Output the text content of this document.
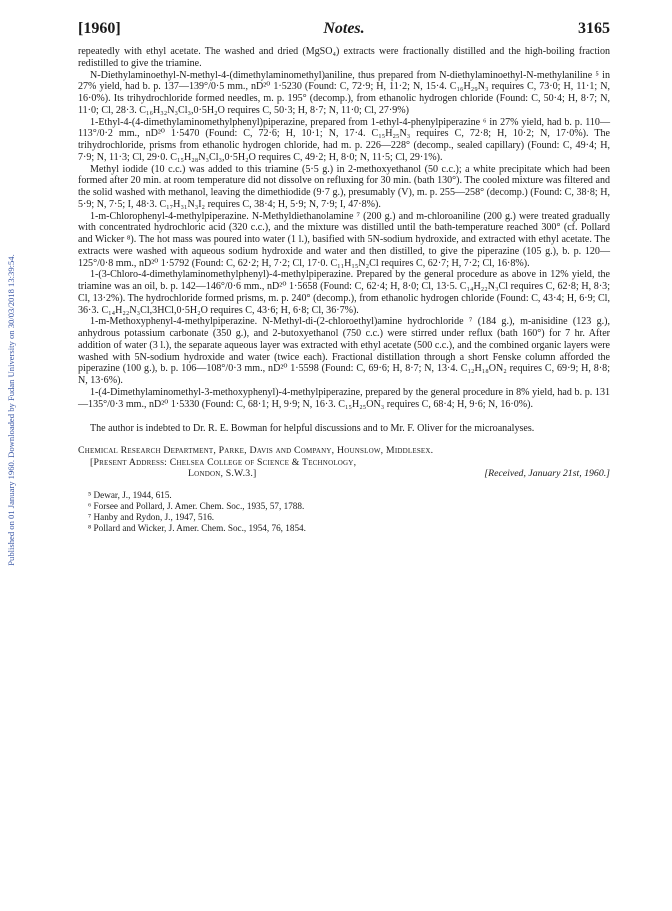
Published on 01 January 1960. Downloaded by Fudan University on 30/03/2018 13:39:54.
[1960]	Notes.	3165

repeatedly with ethyl acetate. The washed and dried (MgSO₄) extracts were fractionally distilled and the high-boiling fraction redistilled to give the triamine.

N-Diethylaminoethyl-N-methyl-4-(dimethylaminomethyl)aniline, thus prepared from N-diethylaminoethyl-N-methylaniline ⁵ in 27% yield, had b. p. 137—139°/0·5 mm., nD²⁰ 1·5230 (Found: C, 72·9; H, 11·2; N, 15·4. C₁₆H₂₉N₃ requires C, 73·0; H, 11·1; N, 16·0%). Its trihydrochloride formed needles, m. p. 195° (decomp.), from ethanolic hydrogen chloride (Found: C, 50·4; H, 8·7; N, 11·0; Cl, 28·3. C₁₆H₃₂N₃Cl₃,0·5H₂O requires C, 50·3; H, 8·7; N, 11·0; Cl, 27·9%)

1-Ethyl-4-(4-dimethylaminomethylphenyl)piperazine, prepared from 1-ethyl-4-phenylpiperazine ⁶ in 27% yield, had b. p. 110—113°/0·2 mm., nD²⁰ 1·5470 (Found: C, 72·6; H, 10·1; N, 17·4. C₁₅H₂₅N₃ requires C, 72·8; H, 10·2; N, 17·0%). The trihydrochloride, prisms from ethanolic hydrogen chloride, had m. p. 226—228° (decomp., sealed capillary) (Found: C, 49·4; H, 7·9; N, 11·3; Cl, 29·0. C₁₅H₂₈N₃Cl₃,0·5H₂O requires C, 49·2; H, 8·0; N, 11·5; Cl, 29·1%).

Methyl iodide (10 c.c.) was added to this triamine (5·5 g.) in 2-methoxyethanol (50 c.c.); a white precipitate which had been formed after 20 min. at room temperature did not dissolve on refluxing for 30 min. (bath 130°). The cooled mixture was filtered and the solid washed with methanol, leaving the dimethiodide (9·7 g.), presumably (V), m. p. 255—258° (decomp.) (Found: C, 38·8; H, 5·9; N, 7·5; I, 48·3. C₁₇H₃₁N₃I₂ requires C, 38·4; H, 5·9; N, 7·9; I, 47·8%).

1-m-Chlorophenyl-4-methylpiperazine. N-Methyldiethanolamine ⁷ (200 g.) and m-chloroaniline (200 g.) were treated gradually with concentrated hydrochloric acid (320 c.c.), and the mixture was distilled until the bath-temperature reached 300° (cf. Pollard and Wicker ⁸). The hot mass was poured into water (1 l.), basified with 5N-sodium hydroxide, and extracted with ethyl acetate. The extracts were washed with aqueous sodium hydroxide and water and then distilled, to give the piperazine (105 g.), b. p. 120—125°/0·8 mm., nD²⁰ 1·5792 (Found: C, 62·2; H, 7·2; Cl, 17·0. C₁₁H₁₅N₂Cl requires C, 62·7; H, 7·2; Cl, 16·8%).

1-(3-Chloro-4-dimethylaminomethylphenyl)-4-methylpiperazine. Prepared by the general procedure as above in 12% yield, the triamine was an oil, b. p. 142—146°/0·6 mm., nD²⁰ 1·5658 (Found: C, 62·4; H, 8·0; Cl, 13·5. C₁₄H₂₂N₃Cl requires C, 62·8; H, 8·3; Cl, 13·2%). The hydrochloride formed prisms, m. p. 240° (decomp.), from ethanolic hydrogen chloride (Found: C, 43·4; H, 6·9; Cl, 36·3. C₁₄H₂₂N₃Cl,3HCl,0·5H₂O requires C, 43·6; H, 6·8; Cl, 36·7%).

1-m-Methoxyphenyl-4-methylpiperazine. N-Methyl-di-(2-chloroethyl)amine hydrochloride ⁷ (184 g.), m-anisidine (123 g.), anhydrous potassium carbonate (350 g.), and 2-butoxyethanol (750 c.c.) were stirred under reflux (bath 160°) for 7 hr. After addition of water (3 l.), the separate aqueous layer was extracted with ethyl acetate (500 c.c.), and the combined organic layers were washed with 5N-sodium hydroxide and water (twice each). Fractional distillation through a short Fenske column afforded the piperazine (100 g.), b. p. 106—108°/0·3 mm., nD²⁰ 1·5598 (Found: C, 69·6; H, 8·7; N, 13·4. C₁₂H₁₈ON₂ requires C, 69·9; H, 8·8; N, 13·6%).

1-(4-Dimethylaminomethyl-3-methoxyphenyl)-4-methylpiperazine, prepared by the general procedure in 8% yield, had b. p. 131—135°/0·3 mm., nD²⁰ 1·5330 (Found: C, 68·1; H, 9·9; N, 16·3. C₁₅H₂₅ON₃ requires C, 68·4; H, 9·6; N, 16·0%).

The author is indebted to Dr. R. E. Bowman for helpful discussions and to Mr. F. Oliver for the microanalyses.

Chemical Research Department, Parke, Davis and Company, Hounslow, Middlesex.
[Present Address: Chelsea College of Science & Technology,
London, S.W.3.]	[Received, January 21st, 1960.]
⁵ Dewar, J., 1944, 615.
⁶ Forsee and Pollard, J. Amer. Chem. Soc., 1935, 57, 1788.
⁷ Hanby and Rydon, J., 1947, 516.
⁸ Pollard and Wicker, J. Amer. Chem. Soc., 1954, 76, 1854.
